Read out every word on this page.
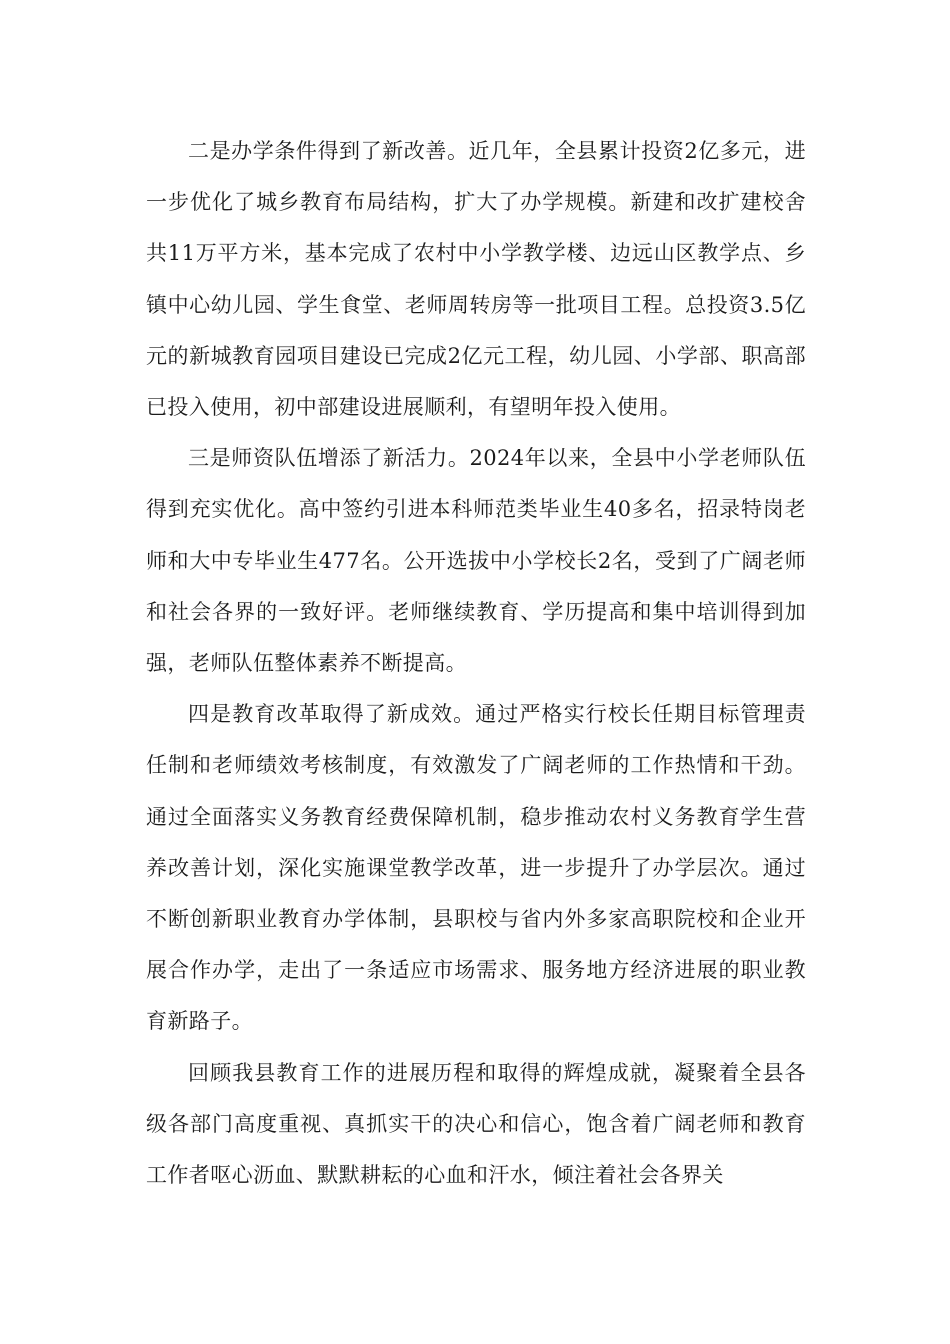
二是办学条件得到了新改善。近几年，全县累计投资2亿多元，进一步优化了城乡教育布局结构，扩大了办学规模。新建和改扩建校舍共11万平方米，基本完成了农村中小学教学楼、边远山区教学点、乡镇中心幼儿园、学生食堂、老师周转房等一批项目工程。总投资3.5亿元的新城教育园项目建设已完成2亿元工程，幼儿园、小学部、职高部已投入使用，初中部建设进展顺利，有望明年投入使用。

三是师资队伍增添了新活力。2024年以来，全县中小学老师队伍得到充实优化。高中签约引进本科师范类毕业生40多名，招录特岗老师和大中专毕业生477名。公开选拔中小学校长2名，受到了广阔老师和社会各界的一致好评。老师继续教育、学历提高和集中培训得到加强，老师队伍整体素养不断提高。

四是教育改革取得了新成效。通过严格实行校长任期目标管理责任制和老师绩效考核制度，有效激发了广阔老师的工作热情和干劲。通过全面落实义务教育经费保障机制，稳步推动农村义务教育学生营养改善计划，深化实施课堂教学改革，进一步提升了办学层次。通过不断创新职业教育办学体制，县职校与省内外多家高职院校和企业开展合作办学，走出了一条适应市场需求、服务地方经济进展的职业教育新路子。

回顾我县教育工作的进展历程和取得的辉煌成就，凝聚着全县各级各部门高度重视、真抓实干的决心和信心，饱含着广阔老师和教育工作者呕心沥血、默默耕耘的心血和汗水，倾注着社会各界关
